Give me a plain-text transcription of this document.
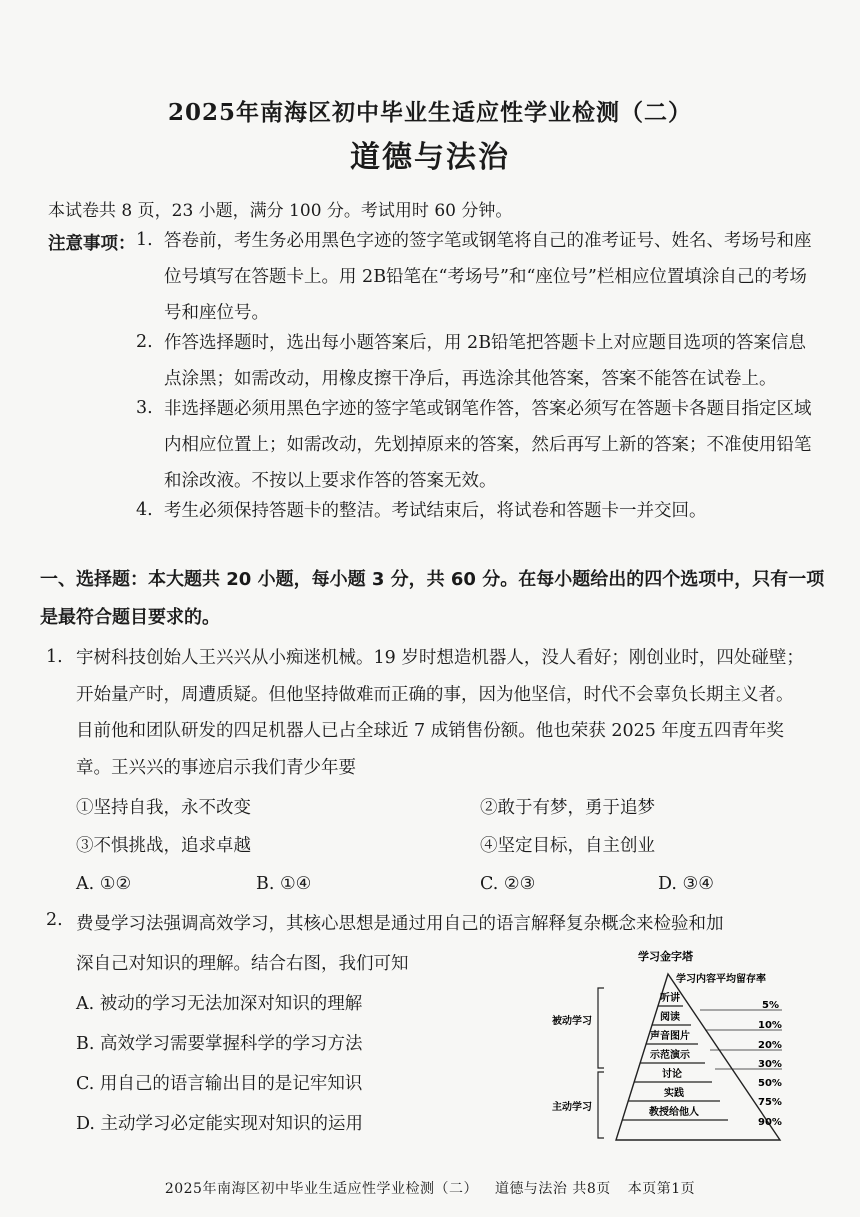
2025年南海区初中毕业生适应性学业检测（二）
道德与法治
本试卷共 8 页，23 小题，满分 100 分。考试用时 60 分钟。
注意事项： 1. 答卷前，考生务必用黑色字迹的签字笔或钢笔将自己的准考证号、姓名、考场号和座位号填写在答题卡上。用 2B铅笔在“考场号”和“座位号”栏相应位置填涂自己的考场号和座位号。
2. 作答选择题时，选出每小题答案后，用 2B铅笔把答题卡上对应题目选项的答案信息点涂黑；如需改动，用橡皮擦干净后，再选涂其他答案，答案不能答在试卷上。
3. 非选择题必须用黑色字迹的签字笔或钢笔作答，答案必须写在答题卡各题目指定区域内相应位置上；如需改动，先划掉原来的答案，然后再写上新的答案；不准使用铅笔和涂改液。不按以上要求作答的答案无效。
4. 考生必须保持答题卡的整洁。考试结束后，将试卷和答题卡一并交回。
一、选择题：本大题共 20 小题，每小题 3 分，共 60 分。在每小题给出的四个选项中，只有一项是最符合题目要求的。
1. 宇树科技创始人王兴兴从小痴迷机械。19 岁时想造机器人，没人看好；刚创业时，四处碰壁；开始量产时，周遭质疑。但他坚持做难而正确的事，因为他坚信，时代不会辜负长期主义者。目前他和团队研发的四足机器人已占全球近 7 成销售份额。他也荣获 2025 年度五四青年奖章。王兴兴的事迹启示我们青少年要
①坚持自我，永不改变	②敢于有梦，勇于追梦
③不惧挑战，追求卓越	④坚定目标，自主创业
A. ①②	B. ①④	C. ②③	D. ③④
2. 费曼学习法强调高效学习，其核心思想是通过用自己的语言解释复杂概念来检验和加
深自己对知识的理解。结合右图，我们可知
A. 被动的学习无法加深对知识的理解
B. 高效学习需要掌握科学的学习方法
C. 用自己的语言输出目的是记牢知识
D. 主动学习必定能实现对知识的运用
学习金字塔
学习内容平均留存率
听讲
阅读
声音图片
示范演示
讨论
实践
教授给他人
5%
10%
20%
30%
50%
75%
90%
被动学习
主动学习
2025年南海区初中毕业生适应性学业检测（二） 道德与法治 共8页 本页第1页
